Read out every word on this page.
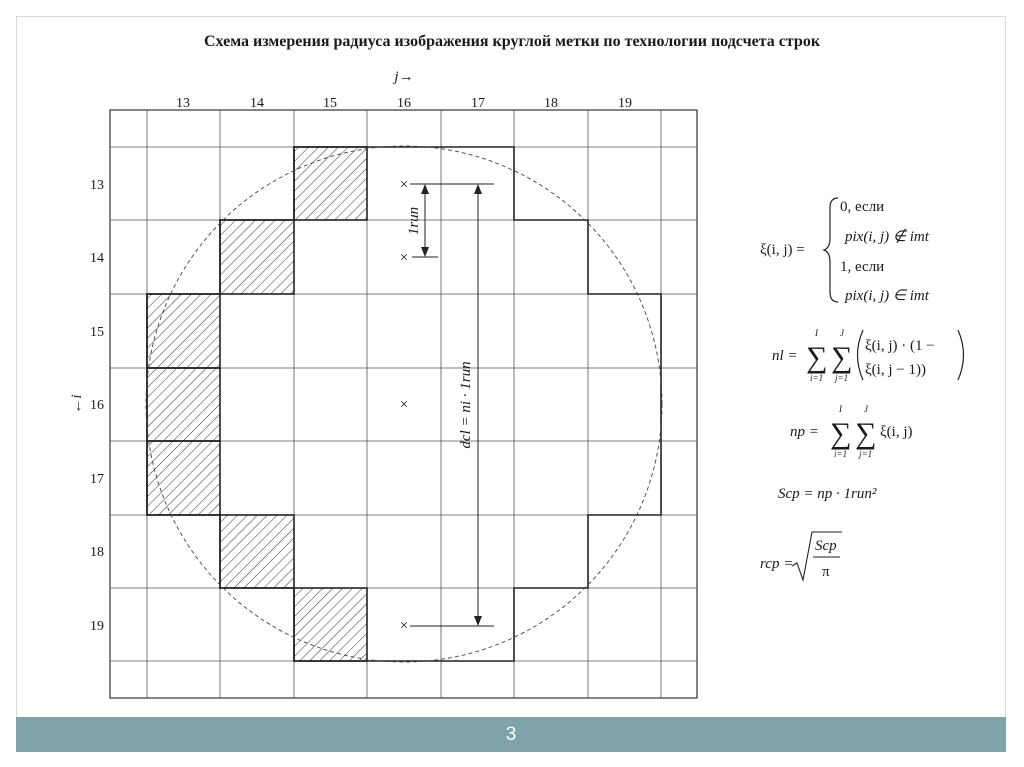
Схема измерения радиуса изображения круглой метки по технологии подсчета строк
×
×
×
×
1run
dcl = ni · 1run
j→
←i
13	14	15	16	17	18	19
13
14
15
16
17
18
19
ξ(i, j) =
0, если
pix(i, j) ∉ imt
1, если
pix(i, j) ∈ imt
nl = ∑
I
i=1
∑
J
j=1
ξ(i, j) · (1 −
ξ(i, j − 1))
np = ∑
I
i=1
∑
J
j=1
ξ(i, j)
Scp = np · 1run²
rcp =
Scp
π
3
